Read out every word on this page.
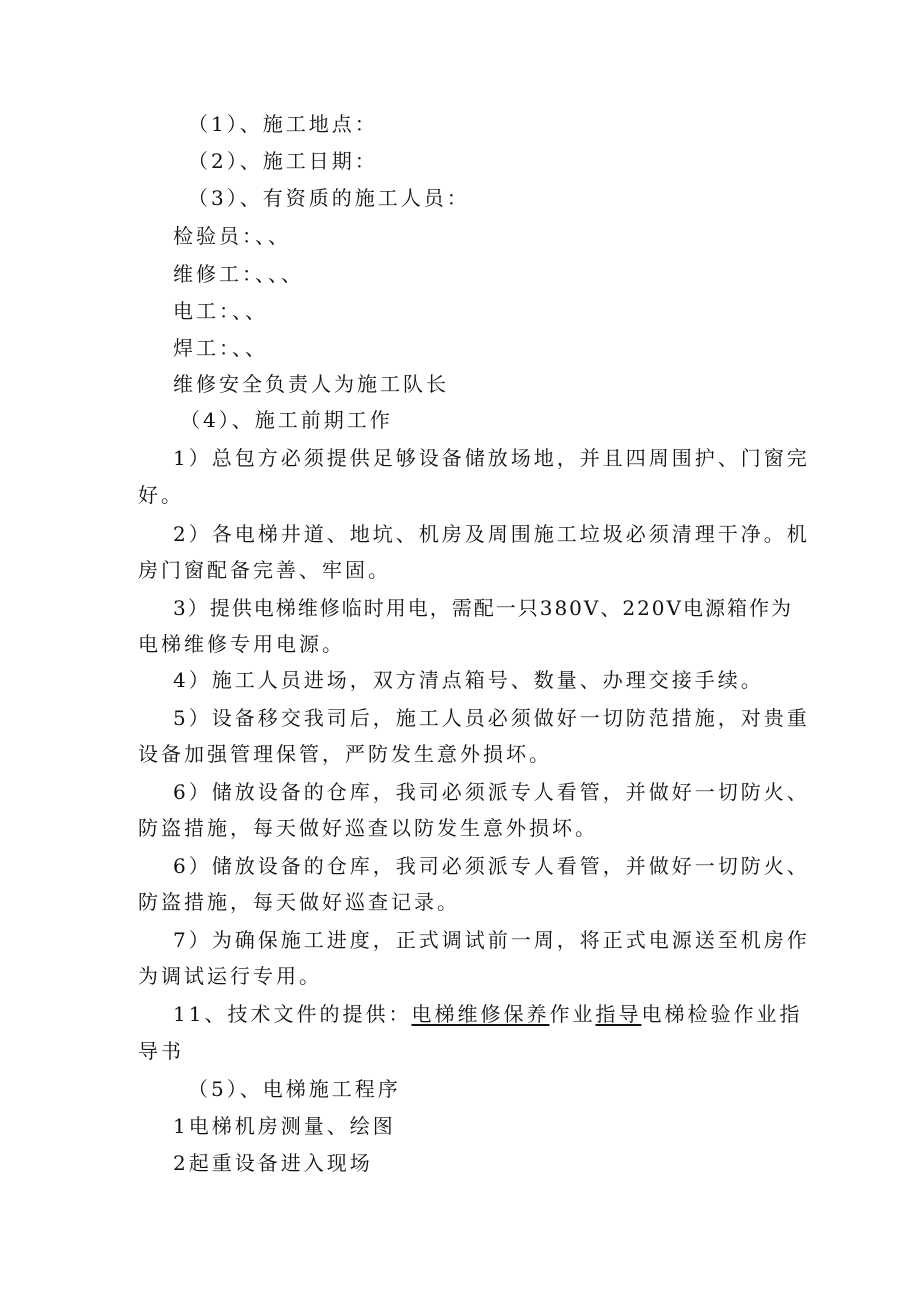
（1）、施工地点：
（2）、施工日期：
（3）、有资质的施工人员：
检验员：、、
维修工：、、、
电工：、、
焊工：、、
维修安全负责人为施工队长
（4）、施工前期工作
1）总包方必须提供足够设备储放场地，并且四周围护、门窗完
好。
2）各电梯井道、地坑、机房及周围施工垃圾必须清理干净。机
房门窗配备完善、牢固。
3）提供电梯维修临时用电，需配一只380V、220V电源箱作为
电梯维修专用电源。
4）施工人员进场，双方清点箱号、数量、办理交接手续。
5）设备移交我司后，施工人员必须做好一切防范措施，对贵重
设备加强管理保管，严防发生意外损坏。
6）储放设备的仓库，我司必须派专人看管，并做好一切防火、
防盗措施，每天做好巡查以防发生意外损坏。
6）储放设备的仓库，我司必须派专人看管，并做好一切防火、
防盗措施，每天做好巡查记录。
7）为确保施工进度，正式调试前一周，将正式电源送至机房作
为调试运行专用。
11、技术文件的提供：电梯维修保养作业指导电梯检验作业指
导书
（5）、电梯施工程序
1电梯机房测量、绘图
2起重设备进入现场
